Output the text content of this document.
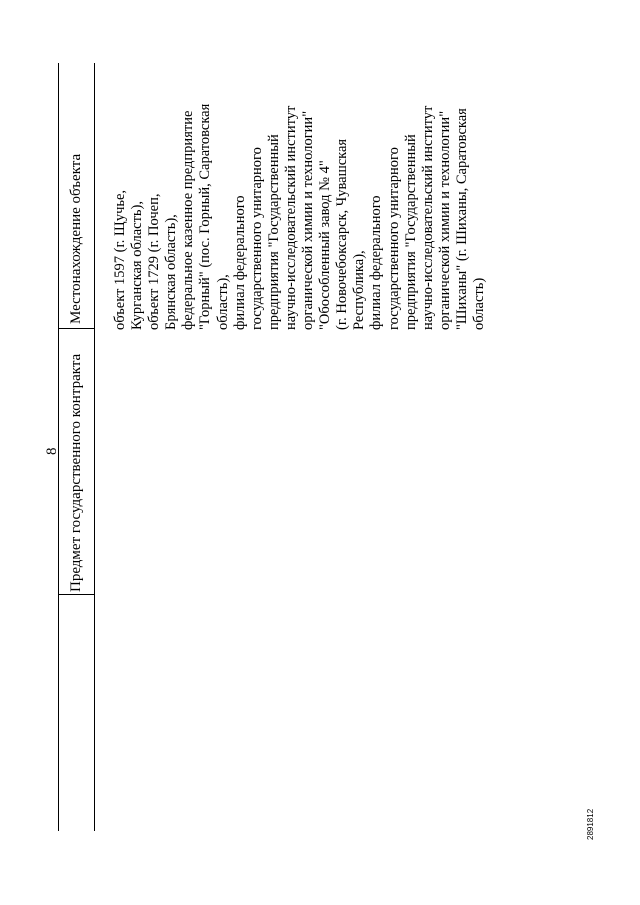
8 Предмет государственного контракта
Местонахождение объекта объект 1597 (г. Щучье, Курганская область), объект 1729 (г. Почеп, Брянская область), федеральное казенное предприятие "Горный" (пос. Горный, Саратовская область), филиал федерального государственного унитарного предприятия "Государственный научно-исследовательский институт органической химии и технологии" "Обособленный завод № 4" (г. Новочебоксарск, Чувашская Республика), филиал федерального государственного унитарного предприятия "Государственный научно-исследовательский институт органической химии и технологии" "Шиханы" (г. Шиханы, Саратовская область)
2891812
